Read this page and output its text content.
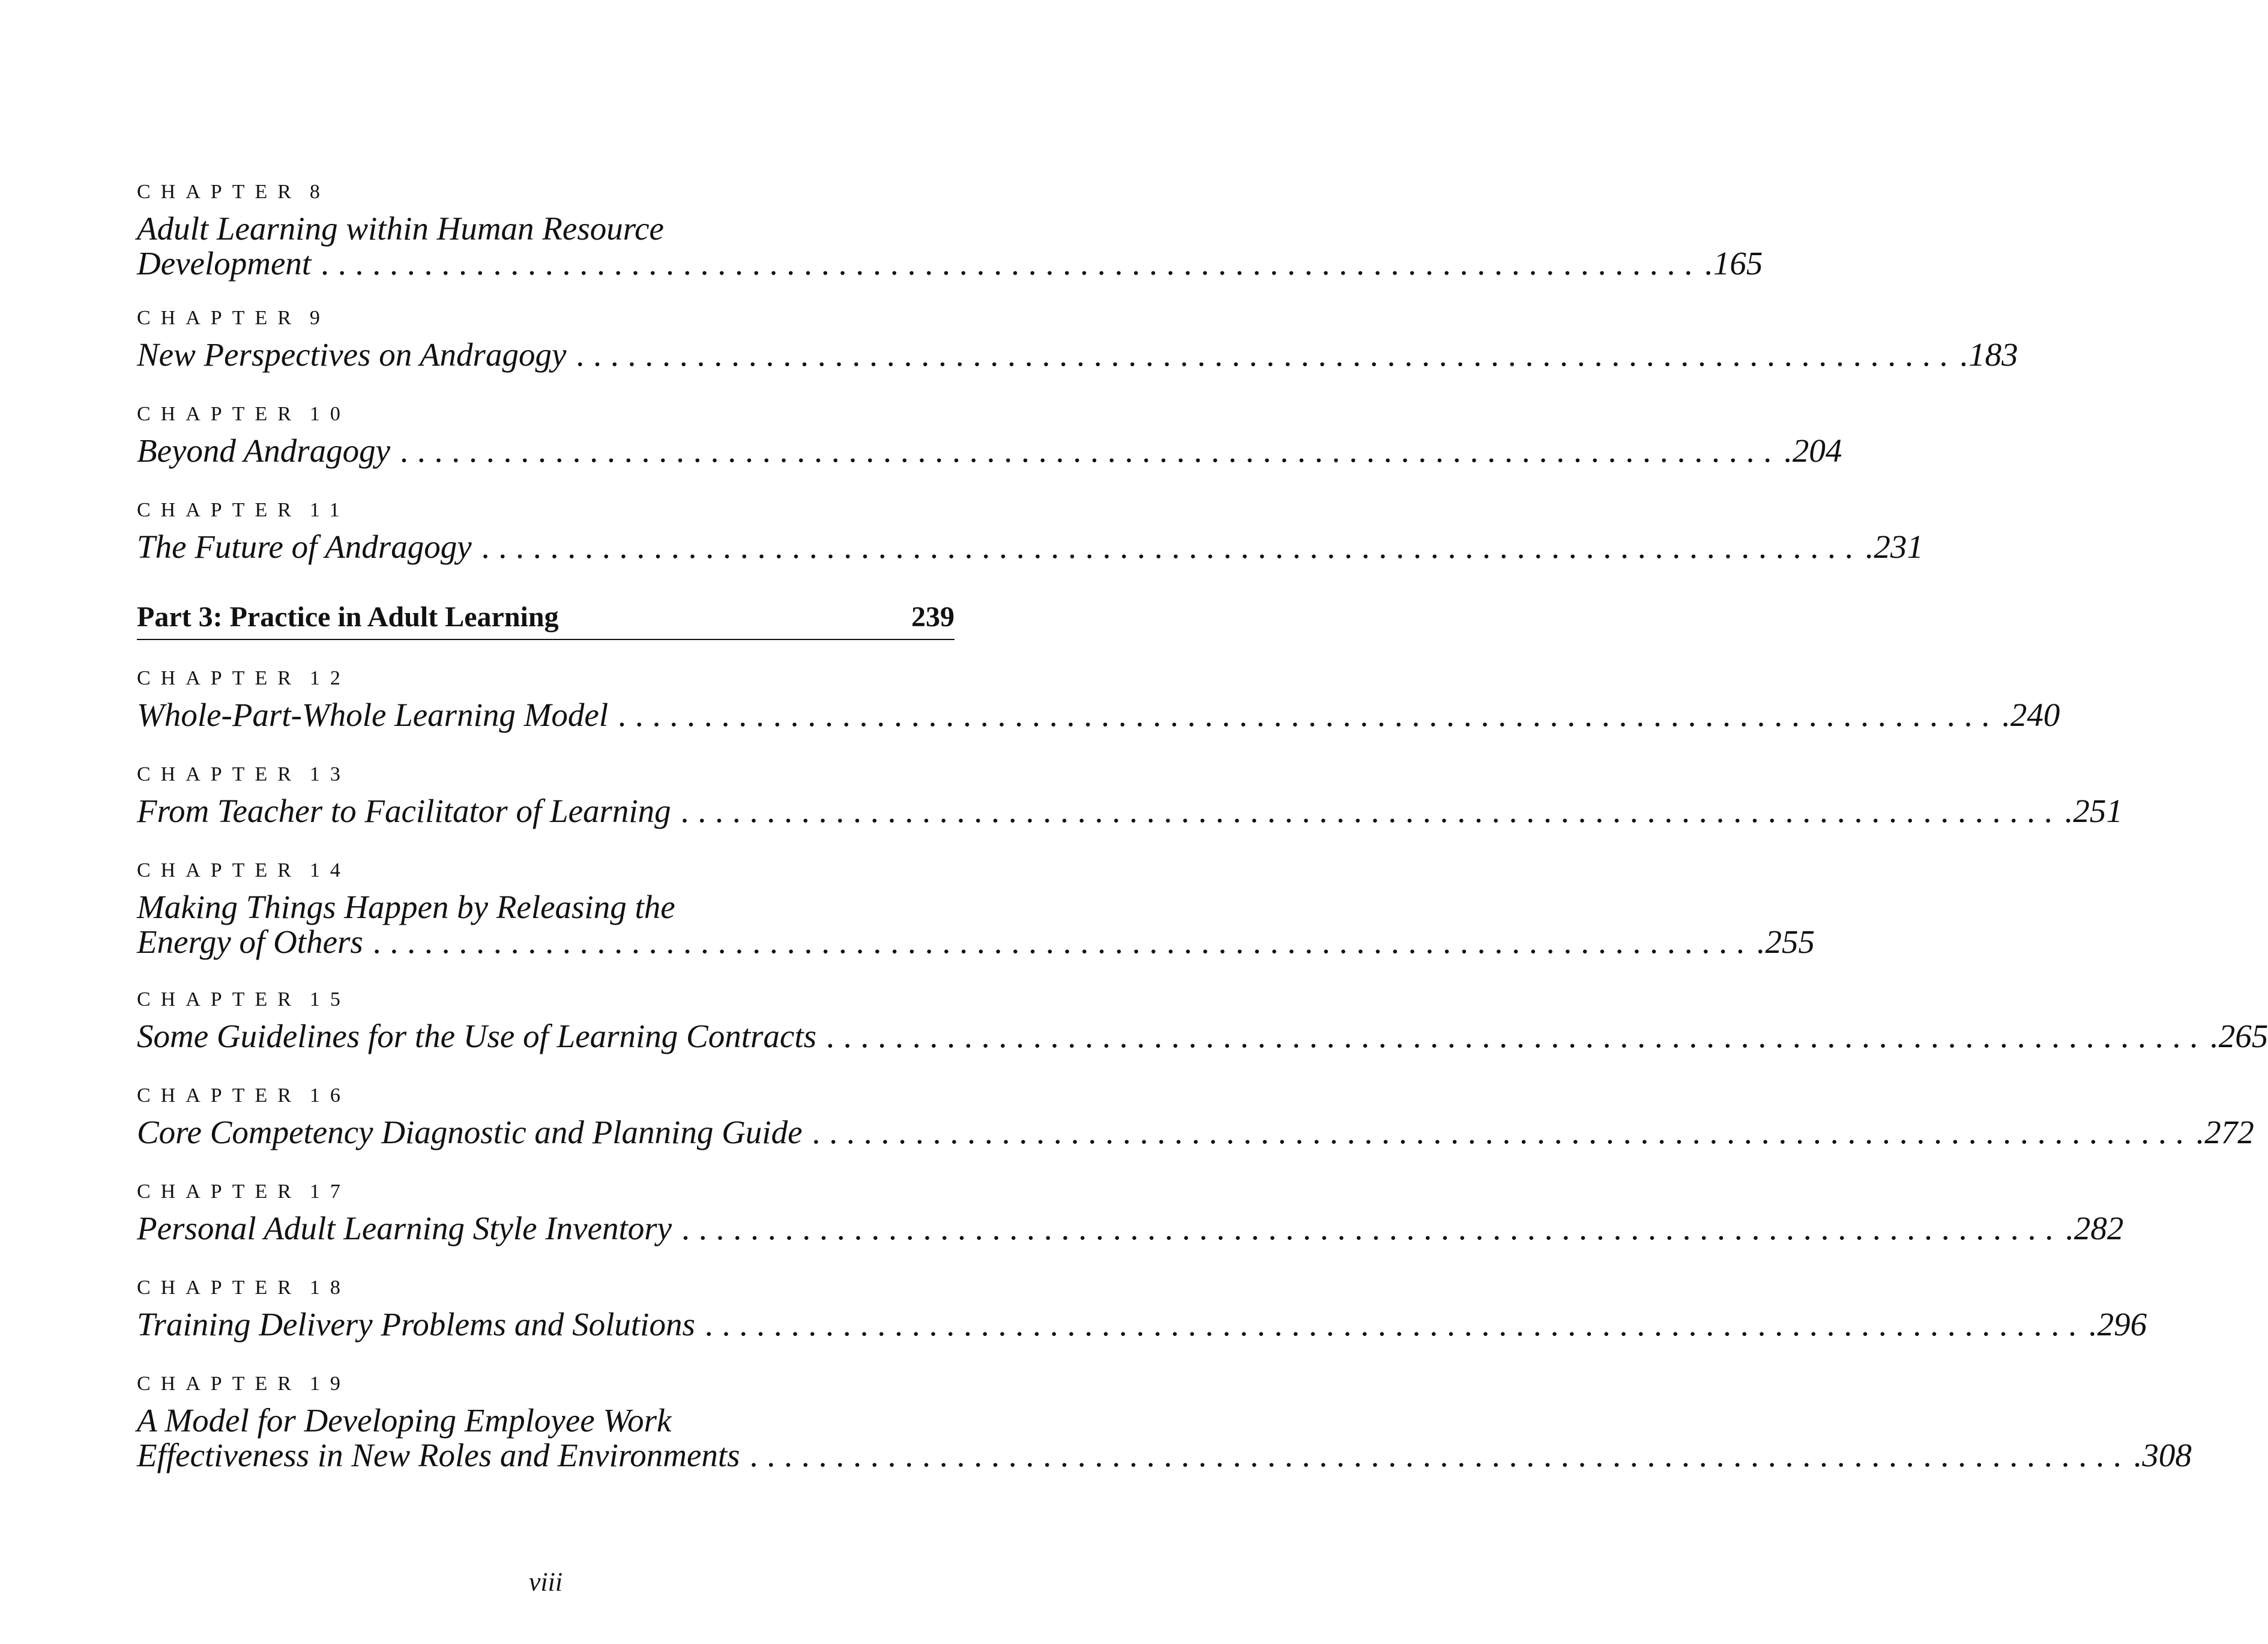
CHAPTER 8
Adult Learning within Human Resource
Development ................................................................................ .165
CHAPTER 9
New Perspectives on Andragogy ................................................................................ .183
CHAPTER 10
Beyond Andragogy ................................................................................ .204
CHAPTER 11
The Future of Andragogy ................................................................................ .231
Part 3: Practice in Adult Learning	239
CHAPTER 12
Whole-Part-Whole Learning Model ................................................................................ .240
CHAPTER 13
From Teacher to Facilitator of Learning ................................................................................ .251
CHAPTER 14
Making Things Happen by Releasing the
Energy of Others ................................................................................ .255
CHAPTER 15
Some Guidelines for the Use of Learning Contracts ................................................................................ .265
CHAPTER 16
Core Competency Diagnostic and Planning Guide ................................................................................ .272
CHAPTER 17
Personal Adult Learning Style Inventory ................................................................................ .282
CHAPTER 18
Training Delivery Problems and Solutions ................................................................................ .296
CHAPTER 19
A Model for Developing Employee Work
Effectiveness in New Roles and Environments ................................................................................ .308
viii
